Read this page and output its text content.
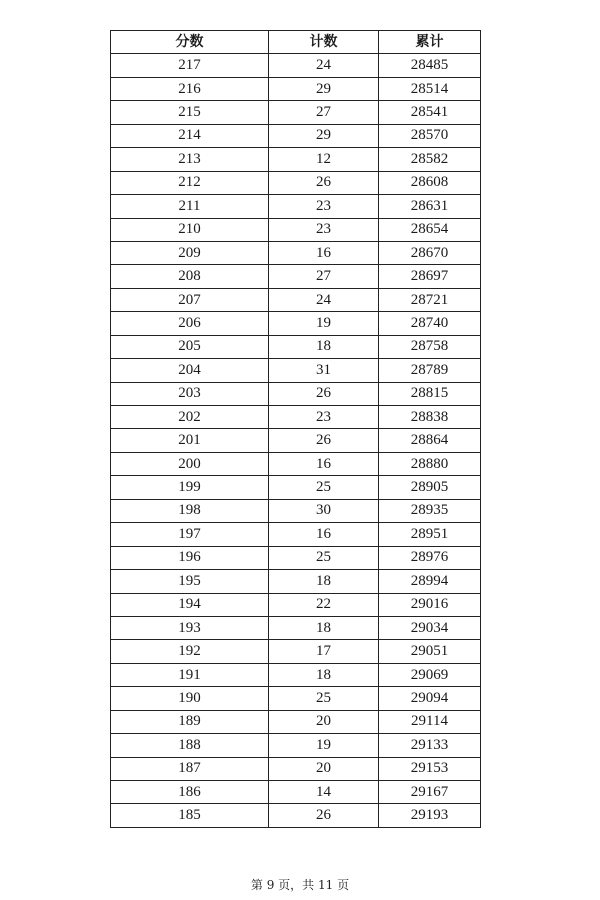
分数	计数	累计
217	24	28485
216	29	28514
215	27	28541
214	29	28570
213	12	28582
212	26	28608
211	23	28631
210	23	28654
209	16	28670
208	27	28697
207	24	28721
206	19	28740
205	18	28758
204	31	28789
203	26	28815
202	23	28838
201	26	28864
200	16	28880
199	25	28905
198	30	28935
197	16	28951
196	25	28976
195	18	28994
194	22	29016
193	18	29034
192	17	29051
191	18	29069
190	25	29094
189	20	29114
188	19	29133
187	20	29153
186	14	29167
185	26	29193
第 9 页，共 11 页
